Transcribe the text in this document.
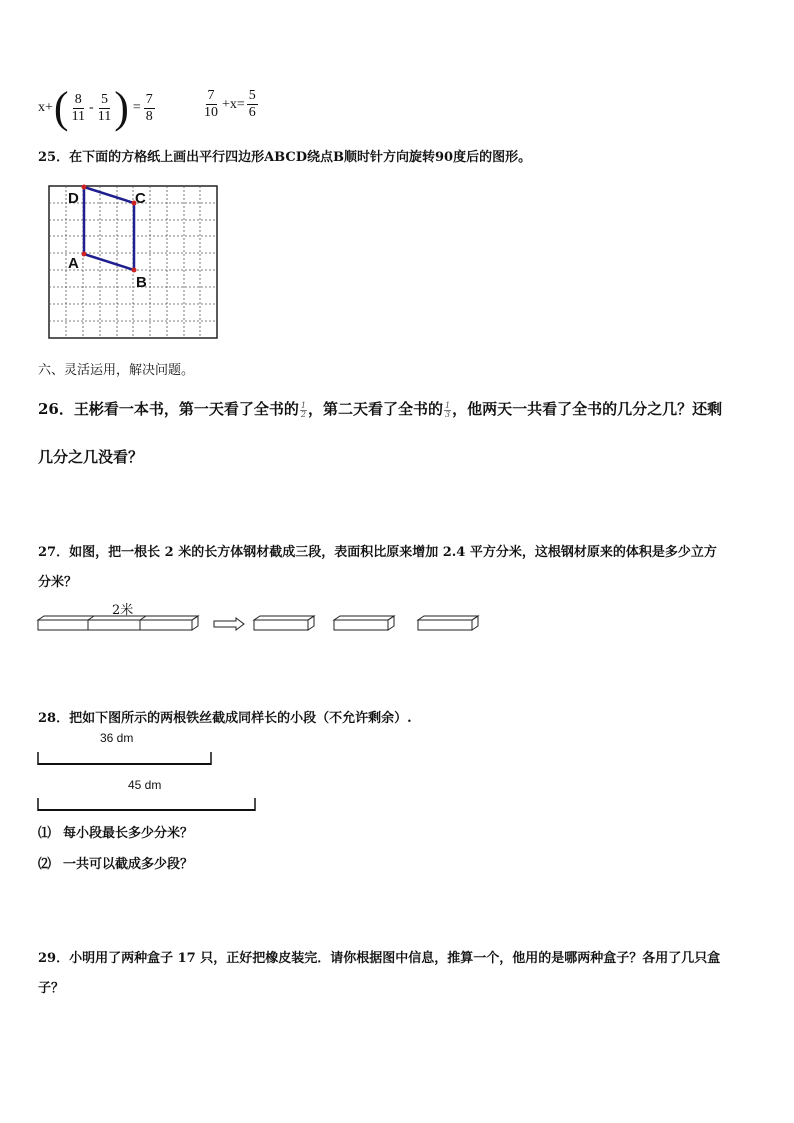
x+ ( $\frac{8}{11} - \frac{5}{11}$ ) = $\frac{7}{8}$	$\frac{7}{10} +x= \frac{5}{6}$
25．在下面的方格纸上画出平行四边形ABCD绕点B顺时针方向旋转90度后的图形。
D	C
A
B
六、灵活运用，解决问题。
26．王彬看一本书，第一天看了全书的 $\frac{1}{2}$ ，第二天看了全书的 $\frac{1}{3}$ ，他两天一共看了全书的几分之几？还剩
几分之几没看？
27．如图，把一根长 2 米的长方体钢材截成三段，表面积比原来增加 2.4 平方分米，这根钢材原来的体积是多少立方
分米？
2米
28．把如下图所示的两根铁丝截成同样长的小段（不允许剩余）.
36 dm
45 dm
⑴ 每小段最长多少分米？
⑵ 一共可以截成多少段？
29．小明用了两种盒子 17 只，正好把橡皮装完．请你根据图中信息，推算一个，他用的是哪两种盒子？各用了几只盒
子？
